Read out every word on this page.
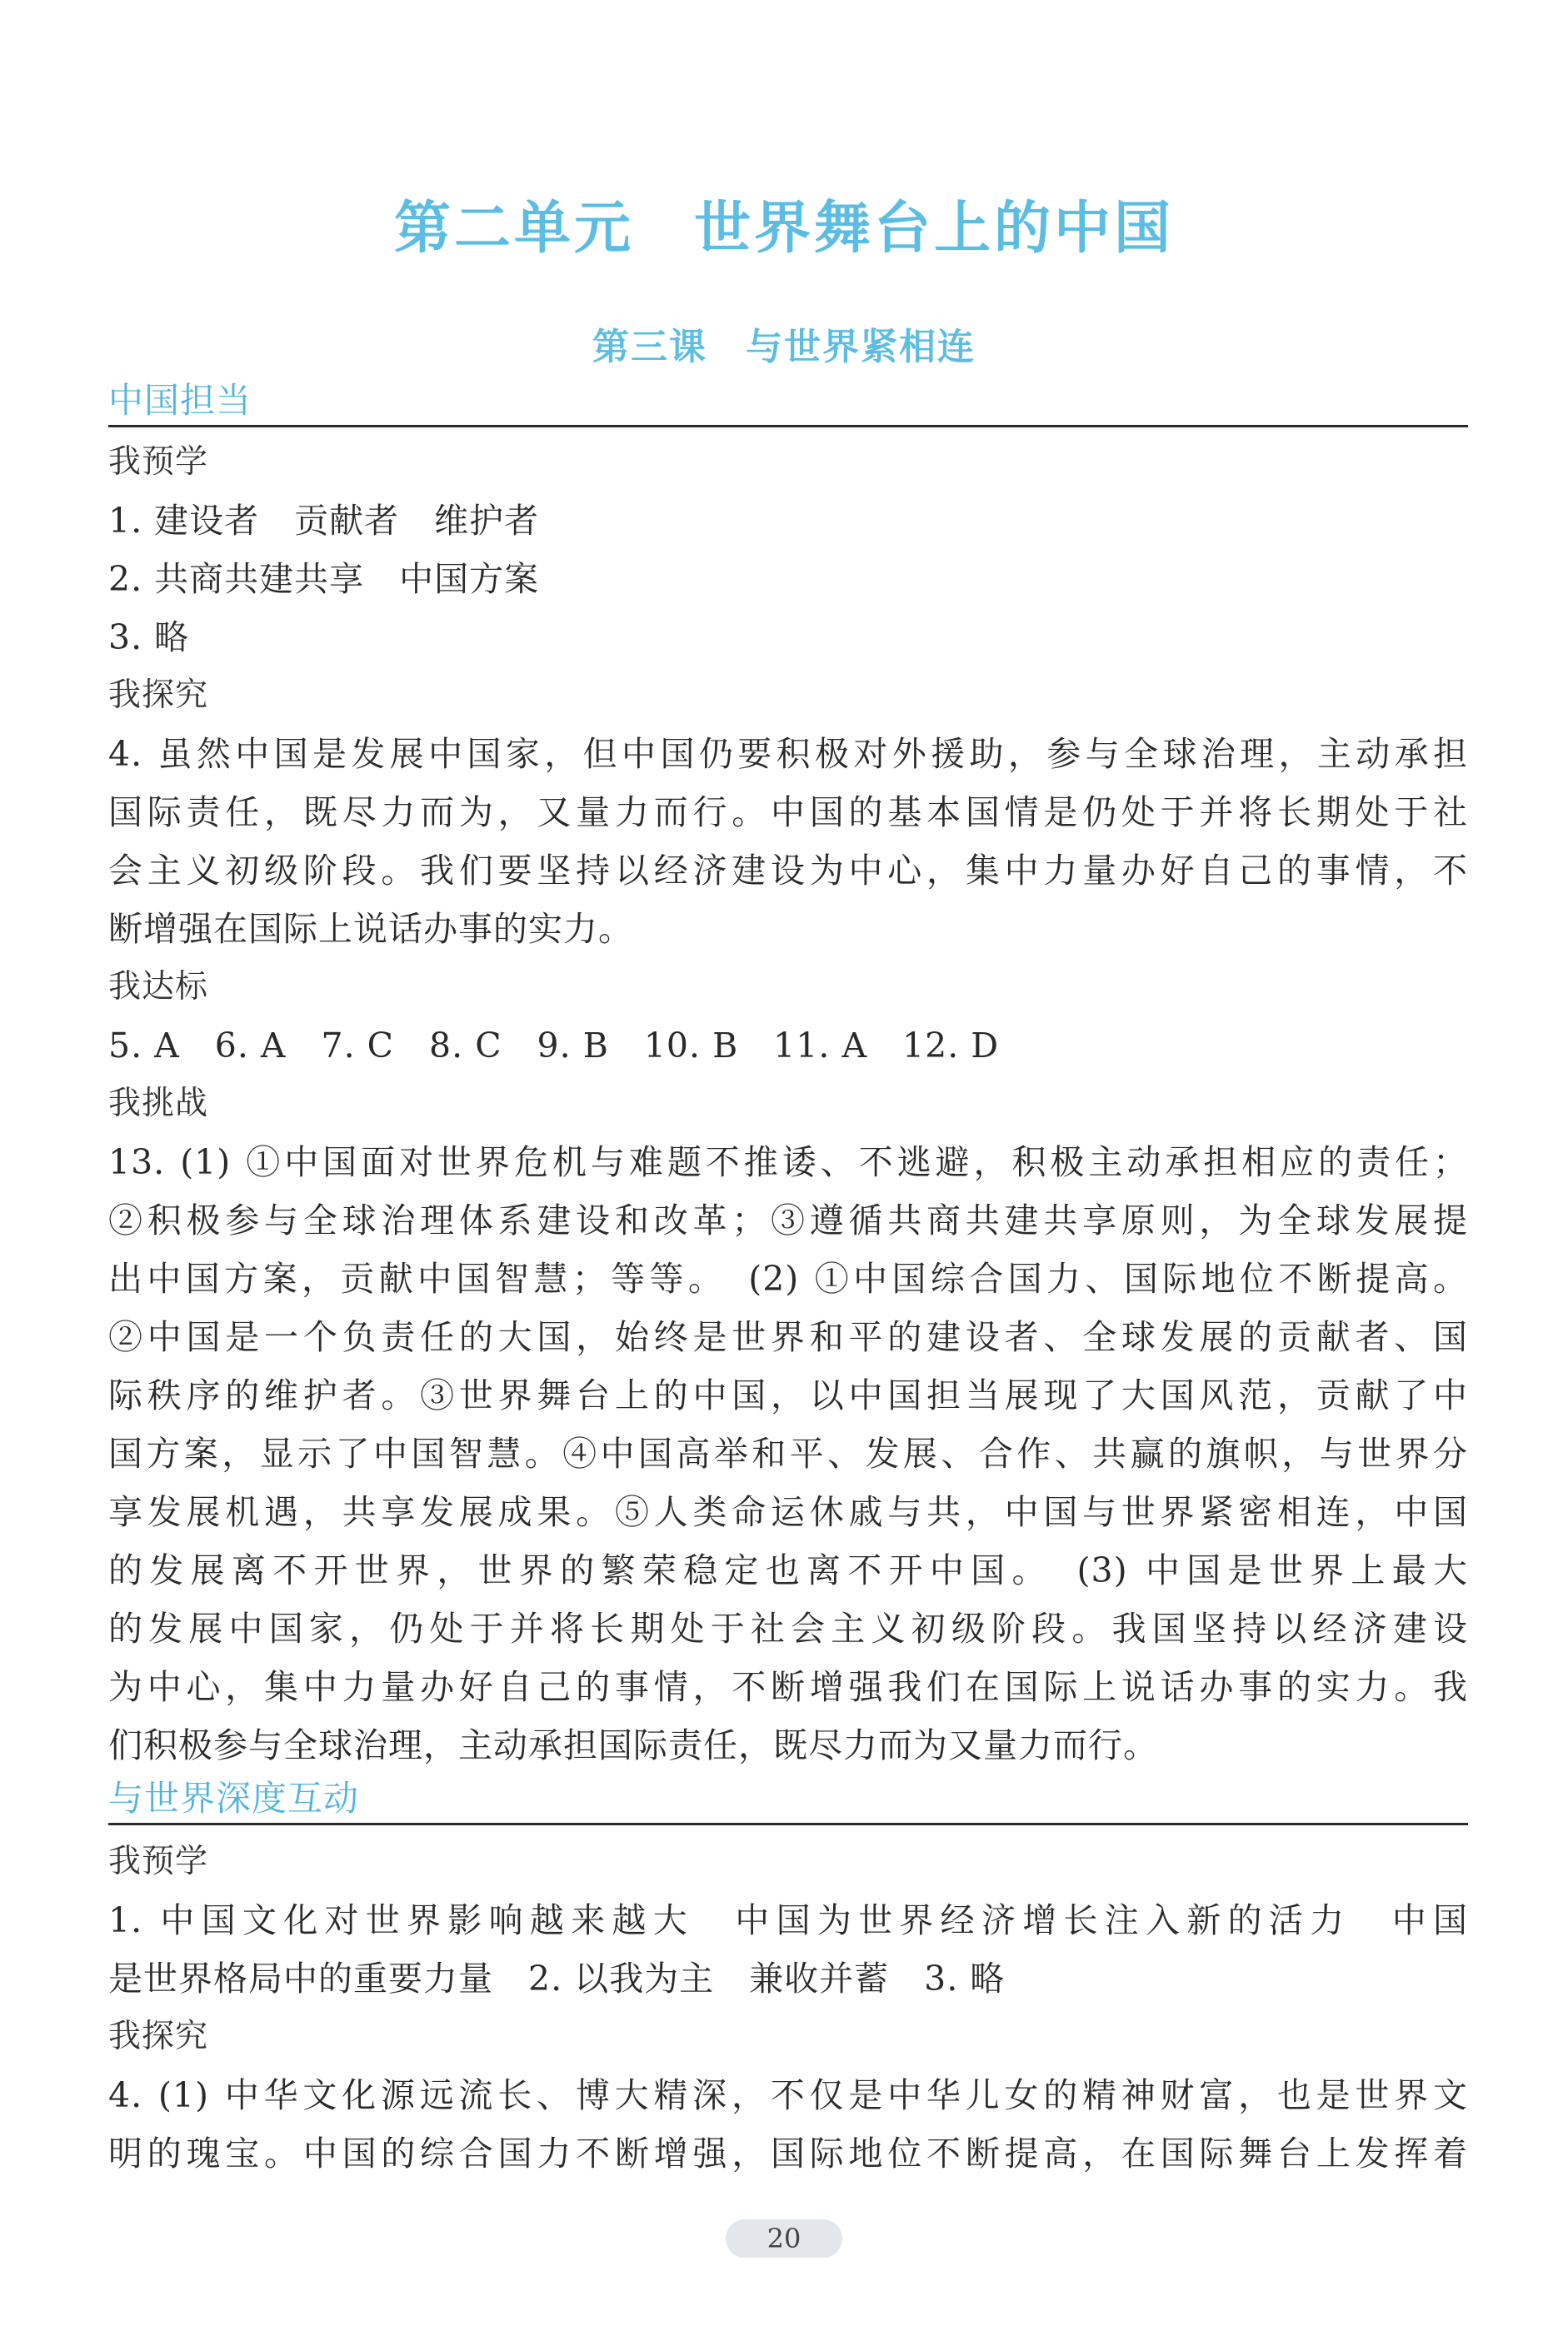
第二单元　世界舞台上的中国
第三课　与世界紧相连
中国担当
我预学
1. 建设者　贡献者　维护者
2. 共商共建共享　中国方案
3. 略
我探究
4. 虽然中国是发展中国家，但中国仍要积极对外援助，参与全球治理，主动承担
国际责任，既尽力而为，又量力而行。中国的基本国情是仍处于并将长期处于社
会主义初级阶段。我们要坚持以经济建设为中心，集中力量办好自己的事情，不
断增强在国际上说话办事的实力。
我达标
5. A　6. A　7. C　8. C　9. B　10. B　11. A　12. D
我挑战
13. (1) ①中国面对世界危机与难题不推诿、不逃避，积极主动承担相应的责任；
②积极参与全球治理体系建设和改革；③遵循共商共建共享原则，为全球发展提
出中国方案，贡献中国智慧；等等。　(2) ①中国综合国力、国际地位不断提高。
②中国是一个负责任的大国，始终是世界和平的建设者、全球发展的贡献者、国
际秩序的维护者。③世界舞台上的中国，以中国担当展现了大国风范，贡献了中
国方案，显示了中国智慧。④中国高举和平、发展、合作、共赢的旗帜，与世界分
享发展机遇，共享发展成果。⑤人类命运休戚与共，中国与世界紧密相连，中国
的发展离不开世界，世界的繁荣稳定也离不开中国。　(3) 中国是世界上最大
的发展中国家，仍处于并将长期处于社会主义初级阶段。我国坚持以经济建设
为中心，集中力量办好自己的事情，不断增强我们在国际上说话办事的实力。我
们积极参与全球治理，主动承担国际责任，既尽力而为又量力而行。
与世界深度互动
我预学
1. 中国文化对世界影响越来越大　中国为世界经济增长注入新的活力　中国
是世界格局中的重要力量　2. 以我为主　兼收并蓄　3. 略
我探究
4. (1) 中华文化源远流长、博大精深，不仅是中华儿女的精神财富，也是世界文
明的瑰宝。中国的综合国力不断增强，国际地位不断提高，在国际舞台上发挥着
20
